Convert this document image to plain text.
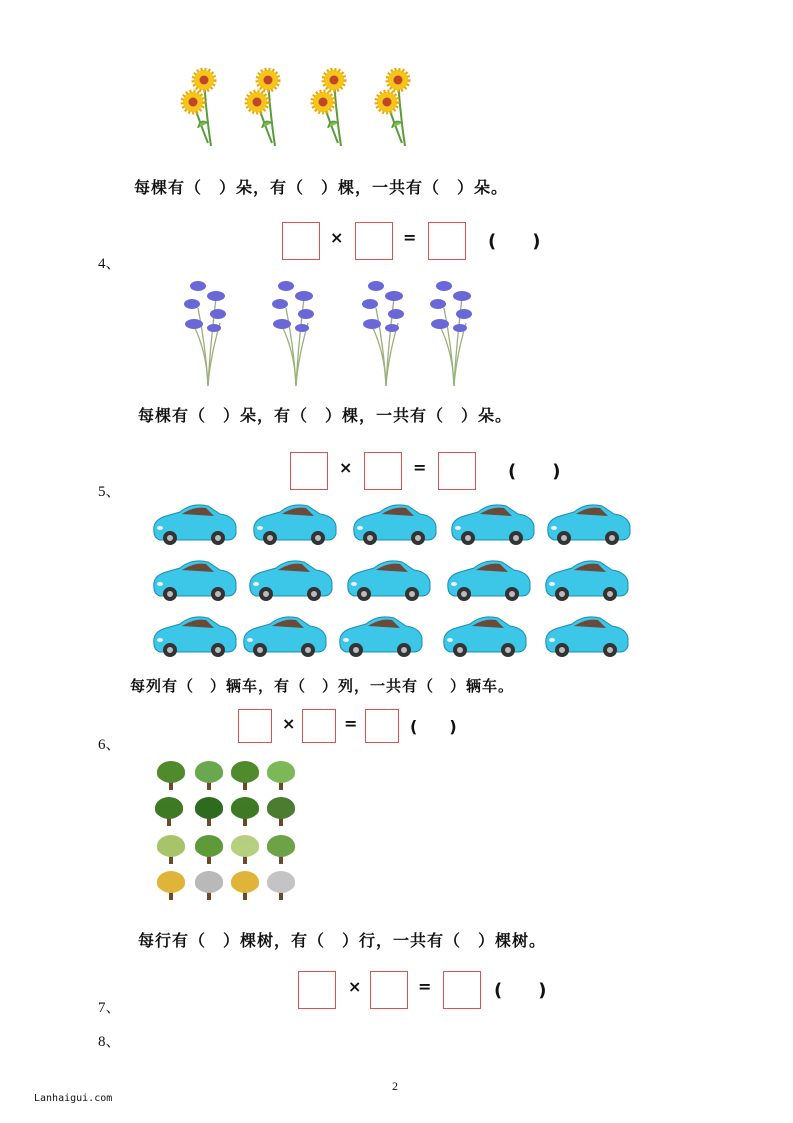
每棵有（　）朵，有（　）棵，一共有（　）朵。
×	=	(　　)
4、
每棵有（　）朵，有（　）棵，一共有（　）朵。
×	=	(　　)
5、
每列有（　）辆车，有（　）列，一共有（　）辆车。
×	=	(　　)
6、
每行有（　）棵树，有（　）行，一共有（　）棵树。
×	=	(　　)
7、
8、
2
Lanhaigui.com
